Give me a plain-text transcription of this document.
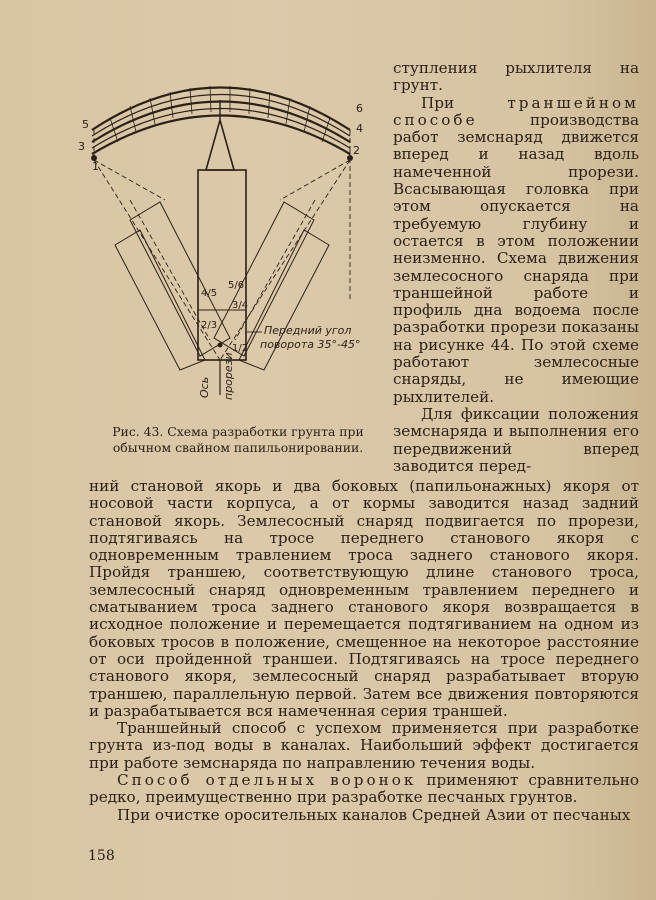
5
3
1
6
4
2
4/5
5/6
2/3
3/4
1/2
Передний угол
поворота 35°-45°
Ось прорези
Рис. 43. Схема разработки грунта при обычном свайном папильонировании.

ступления рыхлителя на грунт.

При траншейном способе производства работ земснаряд движется вперед и назад вдоль намеченной прорези. Всасывающая головка при этом опускается на требуемую глубину и остается в этом положении неизменно. Схема движения землесосного снаряда при траншейной работе и профиль дна водоема после разработки прорези показаны на рисунке 44. По этой схеме работают землесосные снаряды, не имеющие рыхлителей.

Для фиксации положения земснаряда и выполнения его передвижений вперед заводится перед-

ний становой якорь и два боковых (папильонажных) якоря от носовой части корпуса, а от кормы заводится назад задний становой якорь. Землесосный снаряд подвигается по прорези, подтягиваясь на тросе переднего станового якоря с одновременным травлением троса заднего станового якоря. Пройдя траншею, соответствующую длине станового троса, землесосный снаряд одновременным травлением переднего и сматыванием троса заднего станового якоря возвращается в исходное положение и перемещается подтягиванием на одном из боковых тросов в положение, смещенное на некоторое расстояние от оси пройденной траншеи. Подтягиваясь на тросе переднего станового якоря, землесосный снаряд разрабатывает вторую траншею, параллельную первой. Затем все движения повторяются и разрабатывается вся намеченная серия траншей.

Траншейный способ с успехом применяется при разработке грунта из-под воды в каналах. Наибольший эффект достигается при работе земснаряда по направлению течения воды.

Способ отдельных воронок применяют сравнительно редко, преимущественно при разработке песчаных грунтов.

При очистке оросительных каналов Средней Азии от песчаных

158
